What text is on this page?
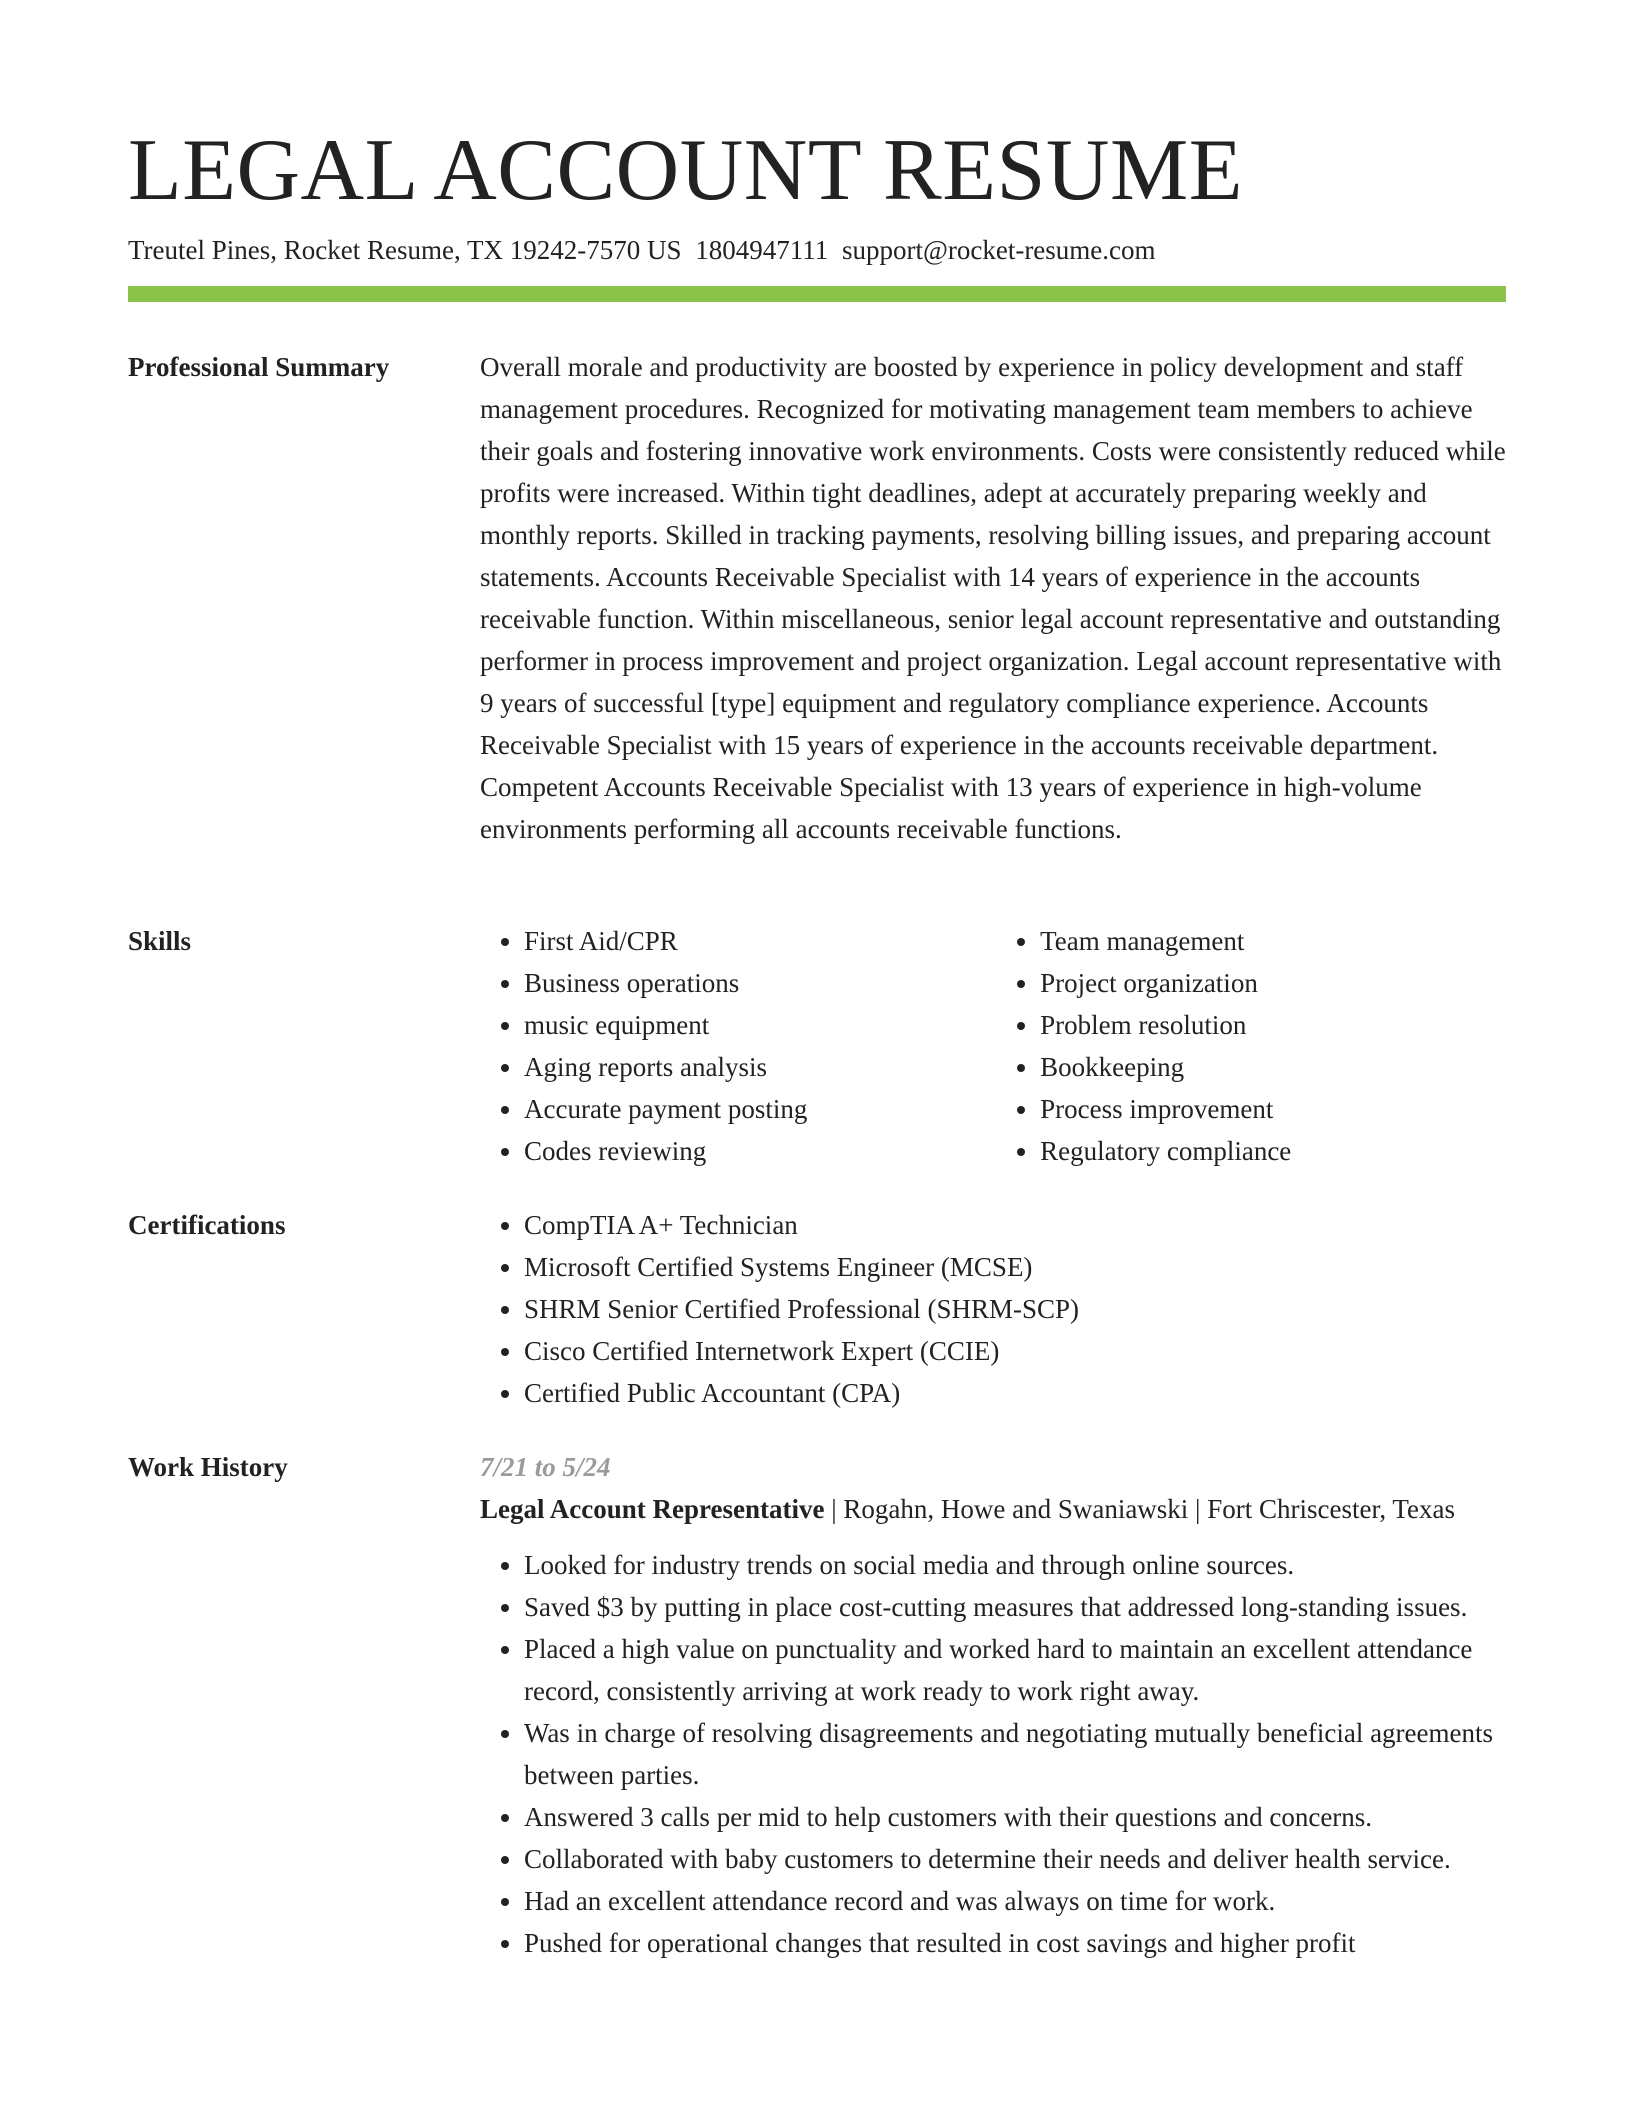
LEGAL ACCOUNT RESUME
Treutel Pines, Rocket Resume, TX 19242-7570 US 1804947111 support@rocket-resume.com
Professional Summary	Overall morale and productivity are boosted by experience in policy development and staff management procedures. Recognized for motivating management team members to achieve their goals and fostering innovative work environments. Costs were consistently reduced while profits were increased. Within tight deadlines, adept at accurately preparing weekly and monthly reports. Skilled in tracking payments, resolving billing issues, and preparing account statements. Accounts Receivable Specialist with 14 years of experience in the accounts receivable function. Within miscellaneous, senior legal account representative and outstanding performer in process improvement and project organization. Legal account representative with 9 years of successful [type] equipment and regulatory compliance experience. Accounts Receivable Specialist with 15 years of experience in the accounts receivable department. Competent Accounts Receivable Specialist with 13 years of experience in high-volume environments performing all accounts receivable functions.

Skills	• First Aid/CPR
• Business operations
• music equipment
• Aging reports analysis
• Accurate payment posting
• Codes reviewing
• Team management
• Project organization
• Problem resolution
• Bookkeeping
• Process improvement
• Regulatory compliance
Certifications	• CompTIA A+ Technician
• Microsoft Certified Systems Engineer (MCSE)
• SHRM Senior Certified Professional (SHRM-SCP)
• Cisco Certified Internetwork Expert (CCIE)
• Certified Public Accountant (CPA)
Work History	7/21 to 5/24

Legal Account Representative | Rogahn, Howe and Swaniawski | Fort Chriscester, Texas

• Looked for industry trends on social media and through online sources.
• Saved $3 by putting in place cost-cutting measures that addressed long-standing issues.
• Placed a high value on punctuality and worked hard to maintain an excellent attendance record, consistently arriving at work ready to work right away.
• Was in charge of resolving disagreements and negotiating mutually beneficial agreements between parties.
• Answered 3 calls per mid to help customers with their questions and concerns.
• Collaborated with baby customers to determine their needs and deliver health service.
• Had an excellent attendance record and was always on time for work.
• Pushed for operational changes that resulted in cost savings and higher profit
